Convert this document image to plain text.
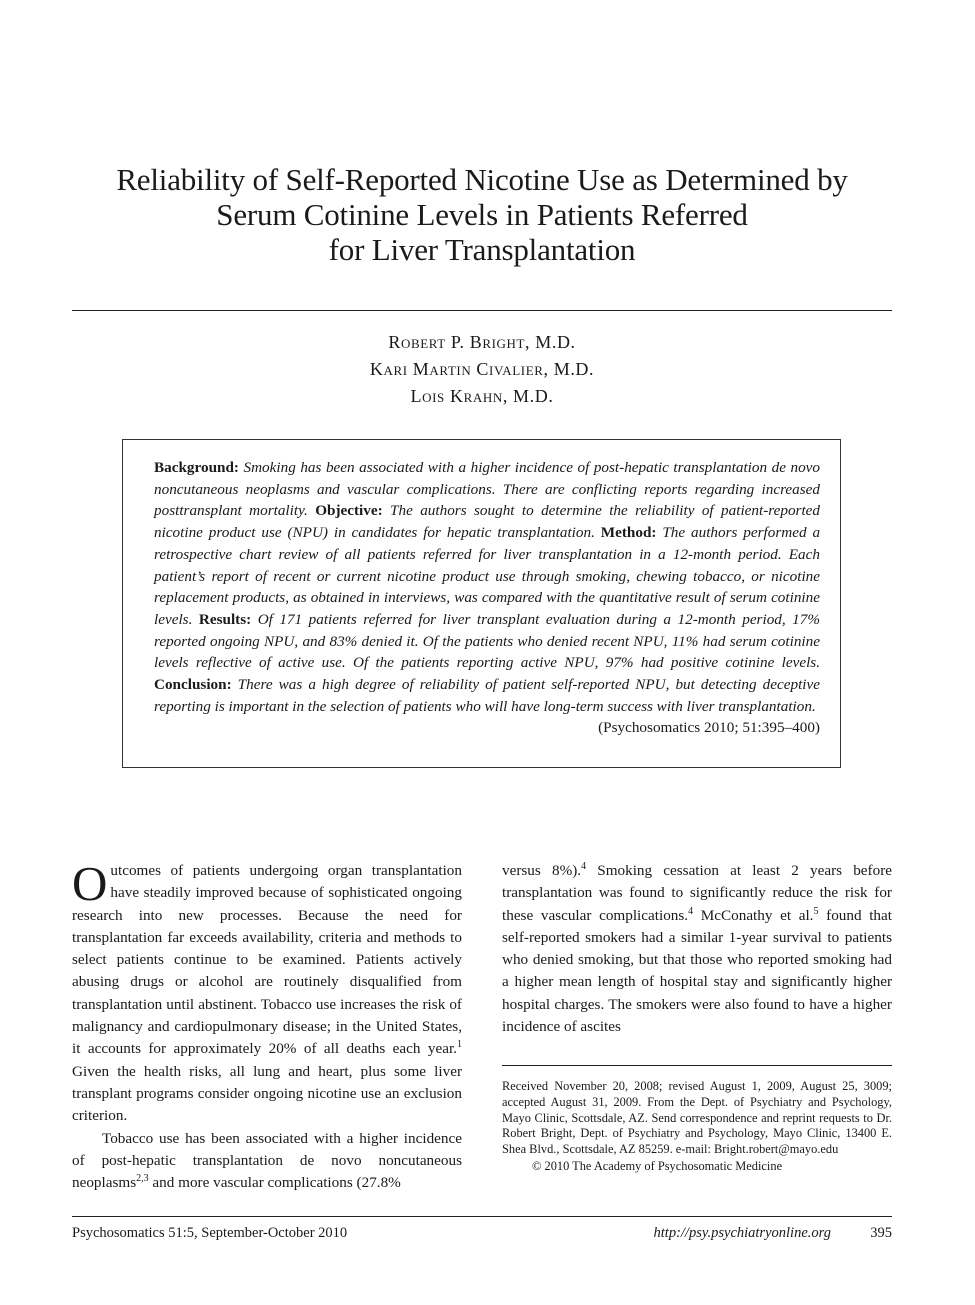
Reliability of Self-Reported Nicotine Use as Determined by
Serum Cotinine Levels in Patients Referred
for Liver Transplantation
Robert P. Bright, M.D.
Kari Martin Civalier, M.D.
Lois Krahn, M.D.

Background: Smoking has been associated with a higher incidence of post-hepatic transplantation de novo noncutaneous neoplasms and vascular complications. There are conflicting reports regarding increased posttransplant mortality. Objective: The authors sought to determine the reliability of patient-reported nicotine product use (NPU) in candidates for hepatic transplantation. Method: The authors performed a retrospective chart review of all patients referred for liver transplantation in a 12-month period. Each patient’s report of recent or current nicotine product use through smoking, chewing tobacco, or nicotine replacement products, as obtained in interviews, was compared with the quantitative result of serum cotinine levels. Results: Of 171 patients referred for liver transplant evaluation during a 12-month period, 17% reported ongoing NPU, and 83% denied it. Of the patients who denied recent NPU, 11% had serum cotinine levels reflective of active use. Of the patients reporting active NPU, 97% had positive cotinine levels. Conclusion: There was a high degree of reliability of patient self-reported NPU, but detecting deceptive reporting is important in the selection of patients who will have long-term success with liver transplantation.

(Psychosomatics 2010; 51:395–400)

Outcomes of patients undergoing organ transplantation have steadily improved because of sophisticated ongoing research into new processes. Because the need for transplantation far exceeds availability, criteria and methods to select patients continue to be examined. Patients actively abusing drugs or alcohol are routinely disqualified from transplantation until abstinent. Tobacco use increases the risk of malignancy and cardiopulmonary disease; in the United States, it accounts for approximately 20% of all deaths each year.$^1$ Given the health risks, all lung and heart, plus some liver transplant programs consider ongoing nicotine use an exclusion criterion.

Tobacco use has been associated with a higher incidence of post-hepatic transplantation de novo noncutaneous neoplasms$^{2,3}$ and more vascular complications (27.8%

versus 8%).$^4$ Smoking cessation at least 2 years before transplantation was found to significantly reduce the risk for these vascular complications.$^4$ McConathy et al.$^5$ found that self-reported smokers had a similar 1-year survival to patients who denied smoking, but that those who reported smoking had a higher mean length of hospital stay and significantly higher hospital charges. The smokers were also found to have a higher incidence of ascites

Received November 20, 2008; revised August 1, 2009, August 25, 3009; accepted August 31, 2009. From the Dept. of Psychiatry and Psychology, Mayo Clinic, Scottsdale, AZ. Send correspondence and reprint requests to Dr. Robert Bright, Dept. of Psychiatry and Psychology, Mayo Clinic, 13400 E. Shea Blvd., Scottsdale, AZ 85259. e-mail: Bright.robert@mayo.edu

© 2010 The Academy of Psychosomatic Medicine

Psychosomatics 51:5, September-October 2010	http://psy.psychiatryonline.org	395
